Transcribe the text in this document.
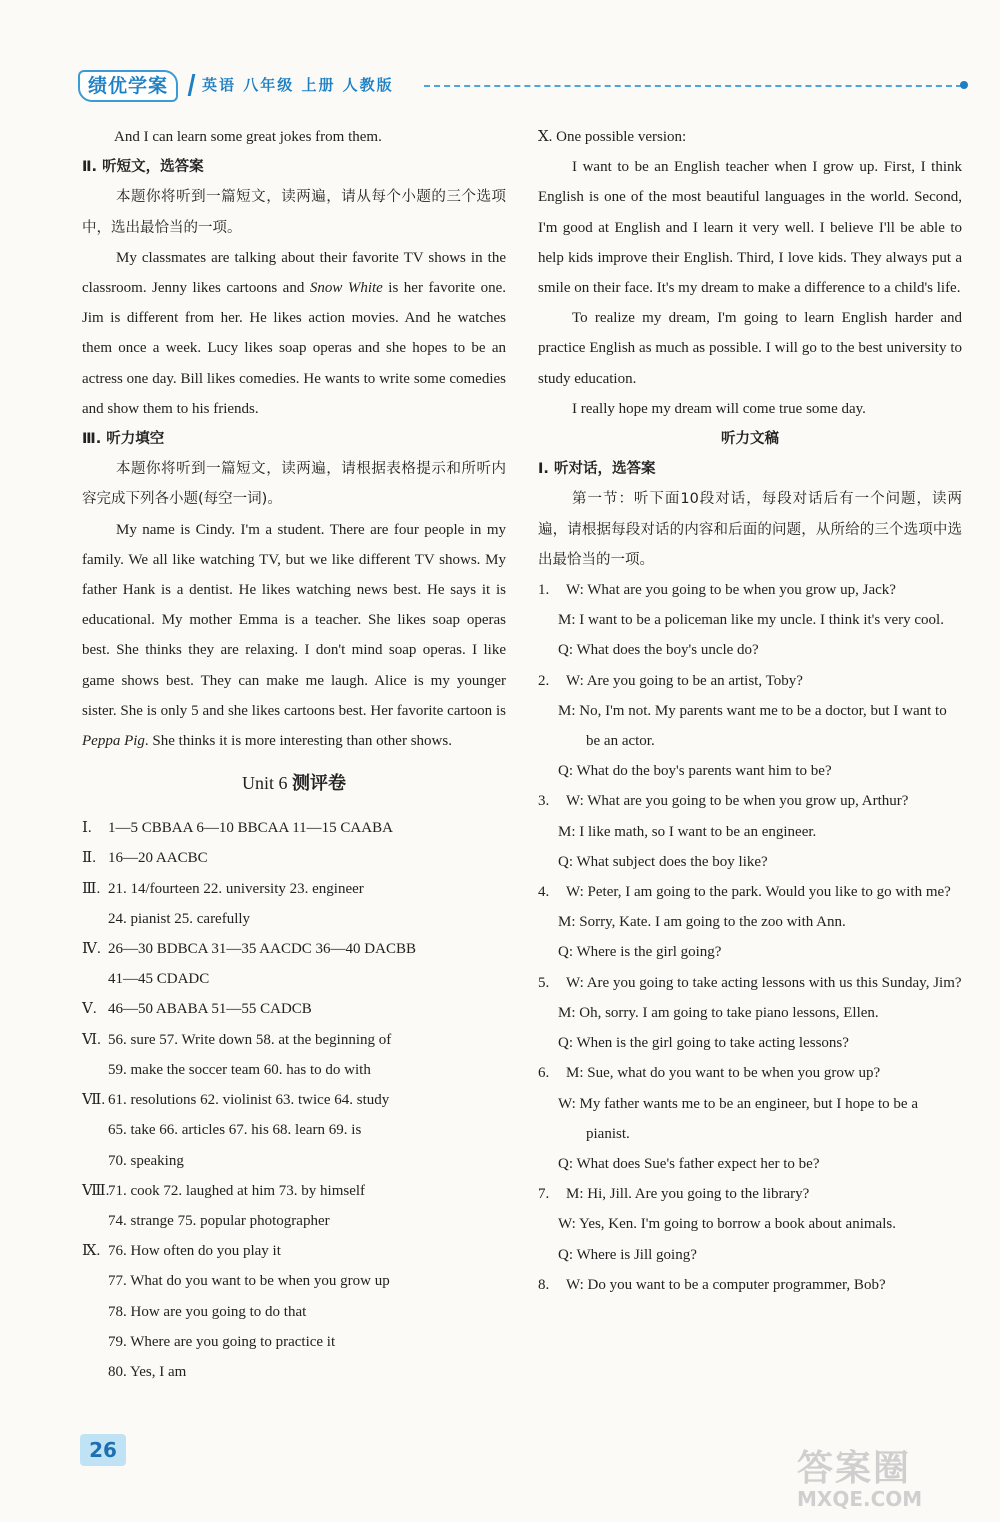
绩优学案	英语 八年级 上册 人教版

And I can learn some great jokes from them.

Ⅱ. 听短文，选答案

本题你将听到一篇短文，读两遍，请从每个小题的三个选项中，选出最恰当的一项。

My classmates are talking about their favorite TV shows in the classroom. Jenny likes cartoons and Snow White is her favorite one. Jim is different from her. He likes action movies. And he watches them once a week. Lucy likes soap operas and she hopes to be an actress one day. Bill likes comedies. He wants to write some comedies and show them to his friends.

Ⅲ. 听力填空

本题你将听到一篇短文，读两遍，请根据表格提示和所听内容完成下列各小题(每空一词)。

My name is Cindy. I'm a student. There are four people in my family. We all like watching TV, but we like different TV shows. My father Hank is a dentist. He likes watching news best. He says it is educational. My mother Emma is a teacher. She likes soap operas best. She thinks they are relaxing. I don't mind soap operas. I like game shows best. They can make me laugh. Alice is my younger sister. She is only 5 and she likes cartoons best. Her favorite cartoon is Peppa Pig. She thinks it is more interesting than other shows.

Unit 6 测评卷

Ⅰ. 1—5 CBBAA 6—10 BBCAA 11—15 CAABA

Ⅱ. 16—20 AACBC

Ⅲ. 21. 14/fourteen 22. university 23. engineer

24. pianist 25. carefully

Ⅳ. 26—30 BDBCA 31—35 AACDC 36—40 DACBB

41—45 CDADC

Ⅴ. 46—50 ABABA 51—55 CADCB

Ⅵ. 56. sure 57. Write down 58. at the beginning of

59. make the soccer team 60. has to do with

Ⅶ. 61. resolutions 62. violinist 63. twice 64. study

65. take 66. articles 67. his 68. learn 69. is

70. speaking

Ⅷ.71. cook 72. laughed at him 73. by himself

74. strange 75. popular photographer

Ⅸ. 76. How often do you play it

77. What do you want to be when you grow up

78. How are you going to do that

79. Where are you going to practice it

80. Yes, I am

Ⅹ. One possible version:

I want to be an English teacher when I grow up. First, I think English is one of the most beautiful languages in the world. Second, I'm good at English and I learn it very well. I believe I'll be able to help kids improve their English. Third, I love kids. They always put a smile on their face. It's my dream to make a difference to a child's life.

To realize my dream, I'm going to learn English harder and practice English as much as possible. I will go to the best university to study education.

I really hope my dream will come true some day.

听力文稿

Ⅰ. 听对话，选答案

第一节：听下面10段对话，每段对话后有一个问题，读两遍，请根据每段对话的内容和后面的问题，从所给的三个选项中选出最恰当的一项。

1. W: What are you going to be when you grow up, Jack?

M: I want to be a policeman like my uncle. I think it's very cool.

Q: What does the boy's uncle do?

2. W: Are you going to be an artist, Toby?

M: No, I'm not. My parents want me to be a doctor, but I want to be an actor.

Q: What do the boy's parents want him to be?

3. W: What are you going to be when you grow up, Arthur?

M: I like math, so I want to be an engineer.

Q: What subject does the boy like?

4. W: Peter, I am going to the park. Would you like to go with me?

M: Sorry, Kate. I am going to the zoo with Ann.

Q: Where is the girl going?

5. W: Are you going to take acting lessons with us this Sunday, Jim?

M: Oh, sorry. I am going to take piano lessons, Ellen.

Q: When is the girl going to take acting lessons?

6. M: Sue, what do you want to be when you grow up?

W: My father wants me to be an engineer, but I hope to be a pianist.

Q: What does Sue's father expect her to be?

7. M: Hi, Jill. Are you going to the library?

W: Yes, Ken. I'm going to borrow a book about animals.

Q: Where is Jill going?

8. W: Do you want to be a computer programmer, Bob?

26	答案圈
MXQE.COM
